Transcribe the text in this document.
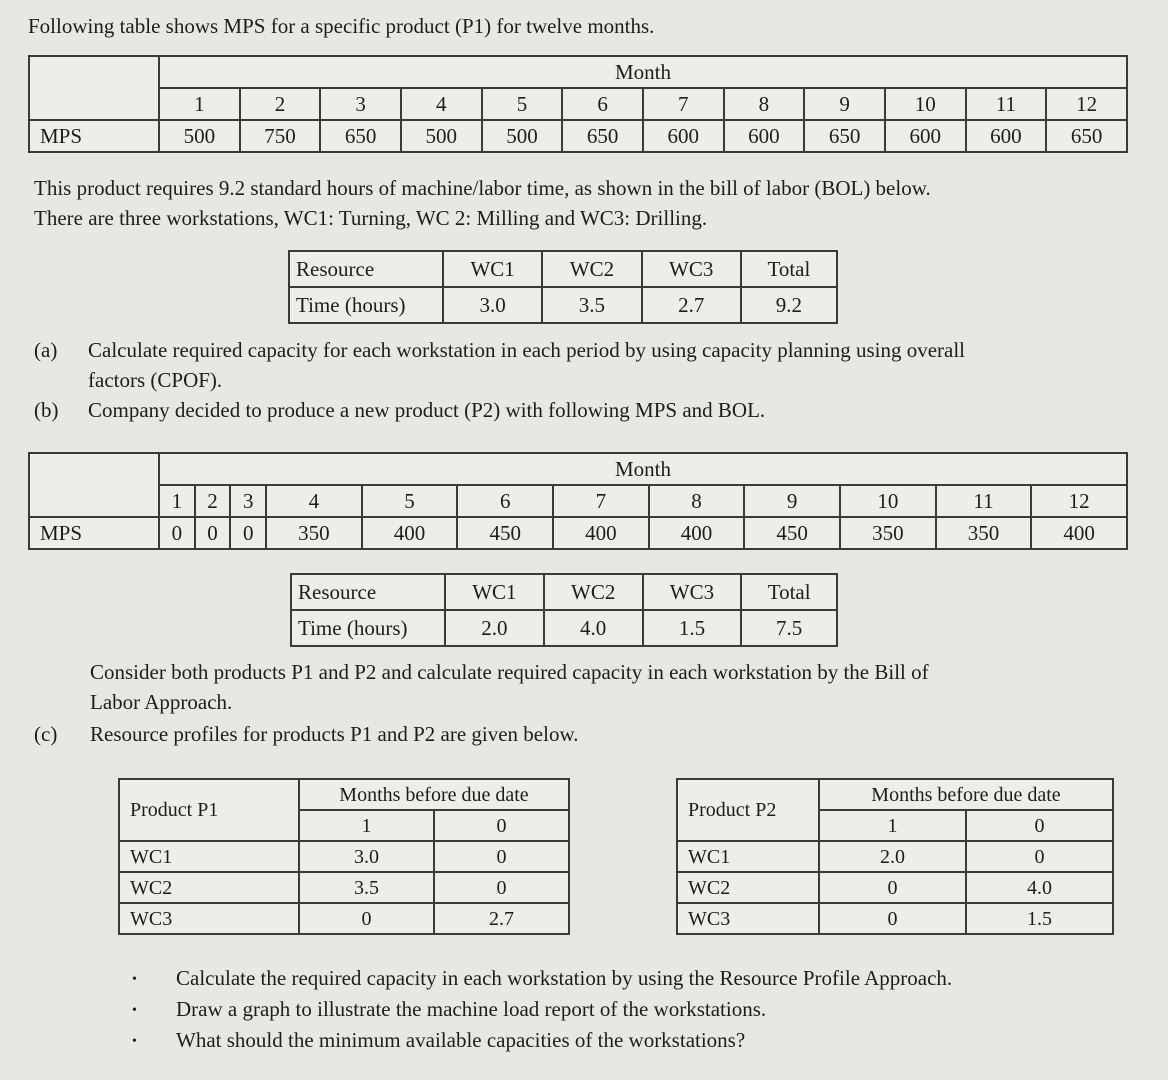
Following table shows MPS for a specific product (P1) for twelve months.
	Month											
	1	2	3	4	5	6	7	8	9	10	11	12
MPS	500	750	650	500	500	650	600	600	650	600	600	650
This product requires 9.2 standard hours of machine/labor time, as shown in the bill of labor (BOL) below.
There are three workstations, WC1: Turning, WC 2: Milling and WC3: Drilling.
Resource	WC1	WC2	WC3	Total
Time (hours)	3.0	3.5	2.7	9.2
(a) Calculate required capacity for each workstation in each period by using capacity planning using overall
factors (CPOF).
(b) Company decided to produce a new product (P2) with following MPS and BOL.
	Month											
	1	2	3	4	5	6	7	8	9	10	11	12
MPS	0	0	0	350	400	450	400	400	450	350	350	400
Resource	WC1	WC2	WC3	Total
Time (hours)	2.0	4.0	1.5	7.5
Consider both products P1 and P2 and calculate required capacity in each workstation by the Bill of
Labor Approach.
(c) Resource profiles for products P1 and P2 are given below.
Product P1	Months before due date	
	1	0
WC1	3.0	0
WC2	3.5	0
WC3	0	2.7
Product P2	Months before due date	
	1	0
WC1	2.0	0
WC2	0	4.0
WC3	0	1.5
• Calculate the required capacity in each workstation by using the Resource Profile Approach.
• Draw a graph to illustrate the machine load report of the workstations.
• What should the minimum available capacities of the workstations?
